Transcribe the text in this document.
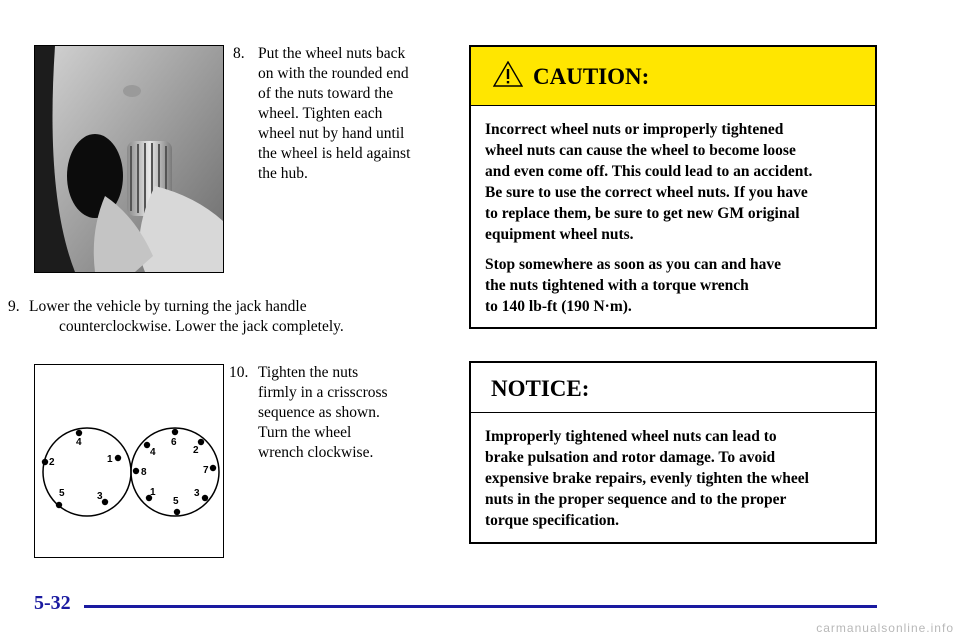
8. Put the wheel nuts back
on with the rounded end
of the nuts toward the
wheel. Tighten each
wheel nut by hand until
the wheel is held against
the hub.
9. Lower the vehicle by turning the jack handle
counterclockwise. Lower the jack completely.
4
2	1
5	3
6
2
7
3
5
1
8
4
10. Tighten the nuts
firmly in a crisscross
sequence as shown.
Turn the wheel
wrench clockwise.
CAUTION:

Incorrect wheel nuts or improperly tightened

wheel nuts can cause the wheel to become loose

and even come off. This could lead to an accident.

Be sure to use the correct wheel nuts. If you have

to replace them, be sure to get new GM original

equipment wheel nuts.

Stop somewhere as soon as you can and have

the nuts tightened with a torque wrench

to 140 lb-ft (190 N·m).

NOTICE:

Improperly tightened wheel nuts can lead to

brake pulsation and rotor damage. To avoid

expensive brake repairs, evenly tighten the wheel

nuts in the proper sequence and to the proper

torque specification.

5-32
carmanualsonline.info
